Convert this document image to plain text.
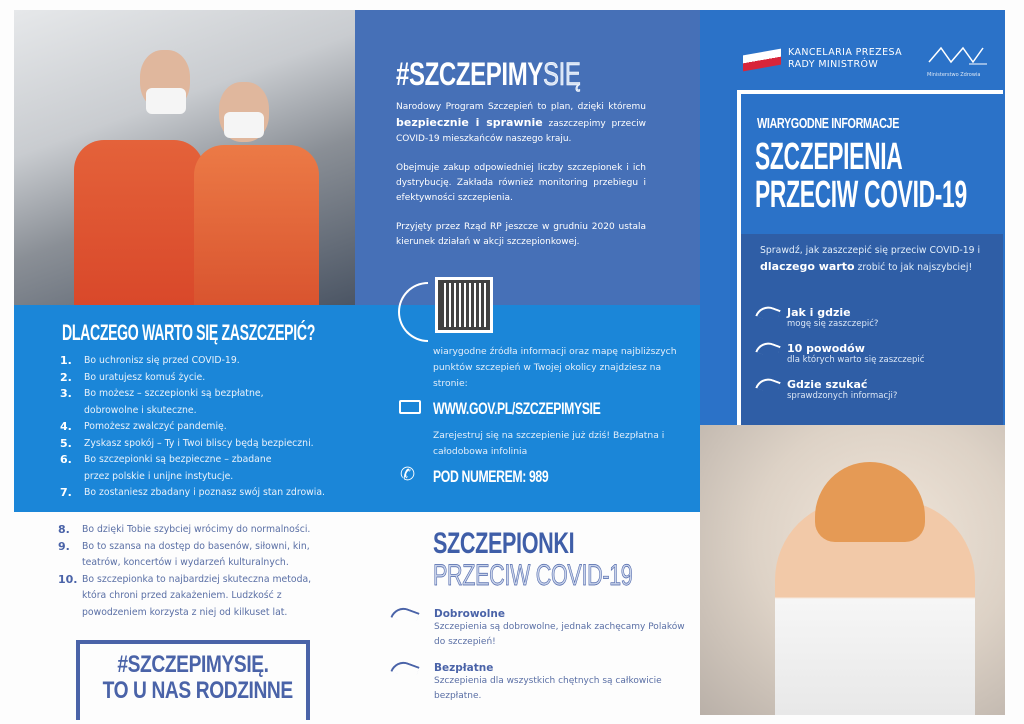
DLACZEGO WARTO SIĘ ZASZCZEPIĆ?
1.	Bo uchronisz się przed COVID-19.
2.	Bo uratujesz komuś życie.
3.	Bo możesz – szczepionki są bezpłatne, dobrowolne i skuteczne.
4.	Pomożesz zwalczyć pandemię.
5.	Zyskasz spokój – Ty i Twoi bliscy będą bezpieczni.
6.	Bo szczepionki są bezpieczne – zbadane przez polskie i unijne instytucje.
7.	Bo zostaniesz zbadany i poznasz swój stan zdrowia.
8.	Bo dzięki Tobie szybciej wrócimy do normalności.
9.	Bo to szansa na dostęp do basenów, siłowni, kin, teatrów, koncertów i wydarzeń kulturalnych.
10. Bo szczepionka to najbardziej skuteczna metoda, która chroni przed zakażeniem. Ludzkość z powodzeniem korzysta z niej od kilkuset lat.
#SZCZEPIMYSIĘ.
TO U NAS RODZINNE
#SZCZEPIMYSIĘ

Narodowy Program Szczepień to plan, dzięki któremu bezpiecznie i sprawnie zaszczepimy przeciw COVID-19 mieszkańców naszego kraju.

Obejmuje zakup odpowiedniej liczby szczepionek i ich dystrybucję. Zakłada również monitoring przebiegu i efektywności szczepienia.

Przyjęty przez Rząd RP jeszcze w grudniu 2020 ustala kierunek działań w akcji szczepionkowej.

wiarygodne źródła informacji oraz mapę najbliższych punktów szczepień w Twojej okolicy znajdziesz na stronie:
WWW.GOV.PL/SZCZEPIMYSIE
Zarejestruj się na szczepienie już dziś! Bezpłatna i całodobowa infolinia
✆ POD NUMEREM: 989
KANCELARIA PREZESA
RADY MINISTRÓW
Ministerstwo Zdrowia
WIARYGODNE INFORMACJE
SZCZEPIENIA
PRZECIW COVID-19
Sprawdź, jak zaszczepić się przeciw COVID-19 i dlaczego warto zrobić to jak najszybciej!
Jak i gdzie
mogę się zaszczepić?
10 powodów
dla których warto się zaszczepić
Gdzie szukać
sprawdzonych informacji?
SZCZEPIONKI
PRZECIW COVID-19
Dobrowolne
Szczepienia są dobrowolne, jednak zachęcamy Polaków do szczepień!
Bezpłatne
Szczepienia dla wszystkich chętnych są całkowicie bezpłatne.
